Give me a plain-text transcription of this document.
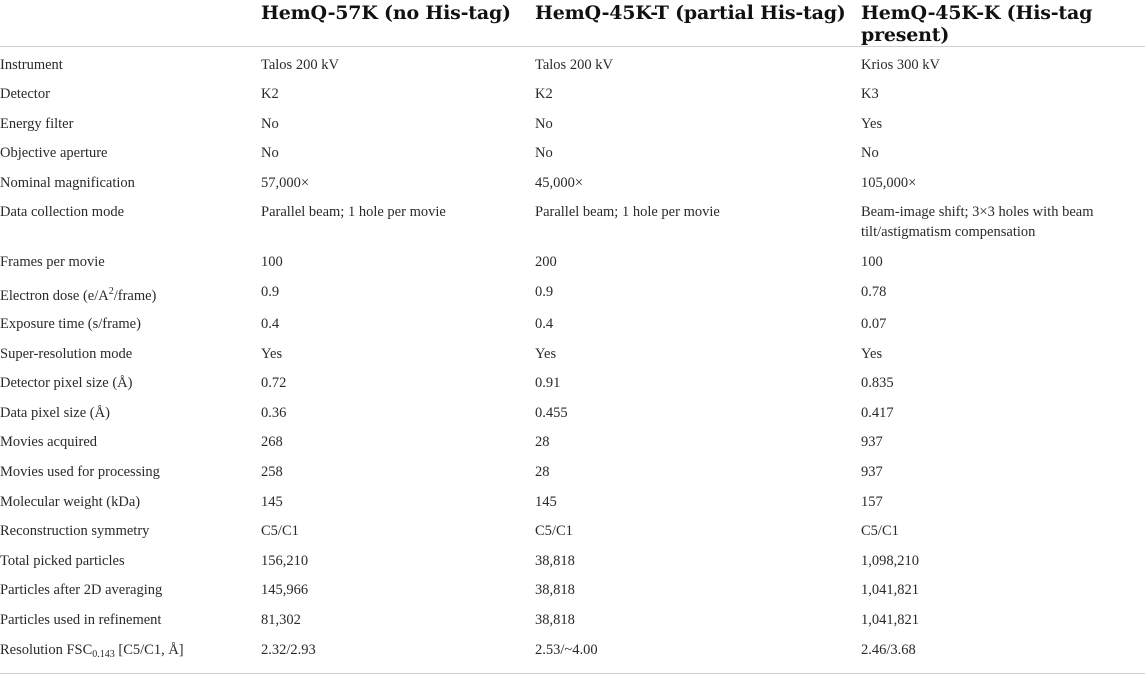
	HemQ-57K (no His-tag)	HemQ-45K-T (partial His-tag)	HemQ-45K-K (His-tag present)
Instrument	Talos 200 kV	Talos 200 kV	Krios 300 kV
Detector	K2	K2	K3
Energy filter	No	No	Yes
Objective aperture	No	No	No
Nominal magnification	57,000×	45,000×	105,000×
Data collection mode	Parallel beam; 1 hole per movie	Parallel beam; 1 hole per movie	Beam-image shift; 3×3 holes with beam tilt/astigmatism compensation
Frames per movie	100	200	100
Electron dose $(e/A^2/frame)$	0.9	0.9	0.78
Exposure time (s/frame)	0.4	0.4	0.07
Super-resolution mode	Yes	Yes	Yes
Detector pixel size (Å)	0.72	0.91	0.835
Data pixel size (Å)	0.36	0.455	0.417
Movies acquired	268	28	937
Movies used for processing	258	28	937
Molecular weight (kDa)	145	145	157
Reconstruction symmetry	C5/C1	C5/C1	C5/C1
Total picked particles	156,210	38,818	1,098,210
Particles after 2D averaging	145,966	38,818	1,041,821
Particles used in refinement	81,302	38,818	1,041,821
Resolution $FSC_{0.143}$ [C5/C1, Å]	2.32/2.93	2.53/~4.00	2.46/3.68
